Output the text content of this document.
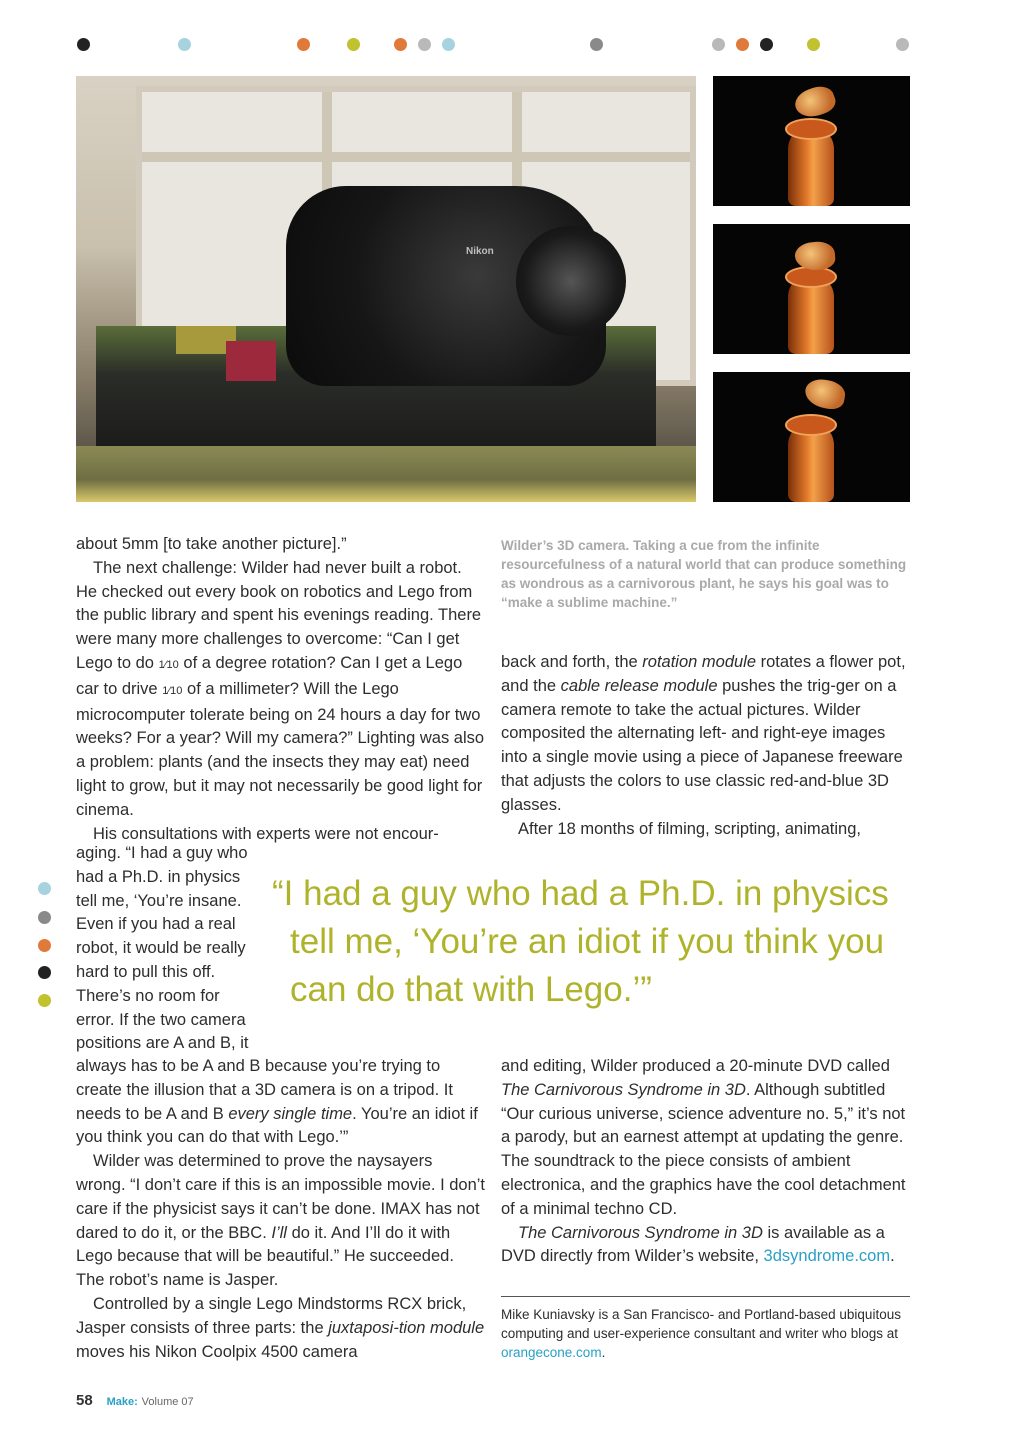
Nikon

Wilder’s 3D camera. Taking a cue from the infinite resourcefulness of a natural world that can produce something as wondrous as a carnivorous plant, he says his goal was to “make a sublime machine.”

about 5mm [to take another picture].”

The next challenge: Wilder had never built a robot. He checked out every book on robotics and Lego from the public library and spent his evenings reading. There were many more challenges to overcome: “Can I get Lego to do 1⁄10 of a degree rotation? Can I get a Lego car to drive 1⁄10 of a millimeter? Will the Lego microcomputer tolerate being on 24 hours a day for two weeks? For a year? Will my camera?” Lighting was also a problem: plants (and the insects they may eat) need light to grow, but it may not necessarily be good light for cinema.

His consultations with experts were not encour-

aging. “I had a guy who

had a Ph.D. in physics

tell me, ‘You’re insane.

Even if you had a real

robot, it would be really

hard to pull this off.

There’s no room for

error. If the two camera

positions are A and B, it

“I had a guy who had a Ph.D. in physics
tell me, ‘You’re an idiot if you think you
can do that with Lego.’”

always has to be A and B because you’re trying to create the illusion that a 3D camera is on a tripod. It needs to be A and B every single time. You’re an idiot if you think you can do that with Lego.’”

Wilder was determined to prove the naysayers wrong. “I don’t care if this is an impossible movie. I don’t care if the physicist says it can’t be done. IMAX has not dared to do it, or the BBC. I’ll do it. And I’ll do it with Lego because that will be beautiful.” He succeeded. The robot’s name is Jasper.

Controlled by a single Lego Mindstorms RCX brick, Jasper consists of three parts: the juxtaposi-tion module moves his Nikon Coolpix 4500 camera

back and forth, the rotation module rotates a flower pot, and the cable release module pushes the trig-ger on a camera remote to take the actual pictures. Wilder composited the alternating left- and right-eye images into a single movie using a piece of Japanese freeware that adjusts the colors to use classic red-and-blue 3D glasses.

After 18 months of filming, scripting, animating,

and editing, Wilder produced a 20-minute DVD called The Carnivorous Syndrome in 3D. Although subtitled “Our curious universe, science adventure no. 5,” it’s not a parody, but an earnest attempt at updating the genre. The soundtrack to the piece consists of ambient electronica, and the graphics have the cool detachment of a minimal techno CD.

The Carnivorous Syndrome in 3D is available as a DVD directly from Wilder’s website, 3dsyndrome.com.

Mike Kuniavsky is a San Francisco- and Portland-based ubiquitous computing and user-experience consultant and writer who blogs at orangecone.com.

58 Make: Volume 07
